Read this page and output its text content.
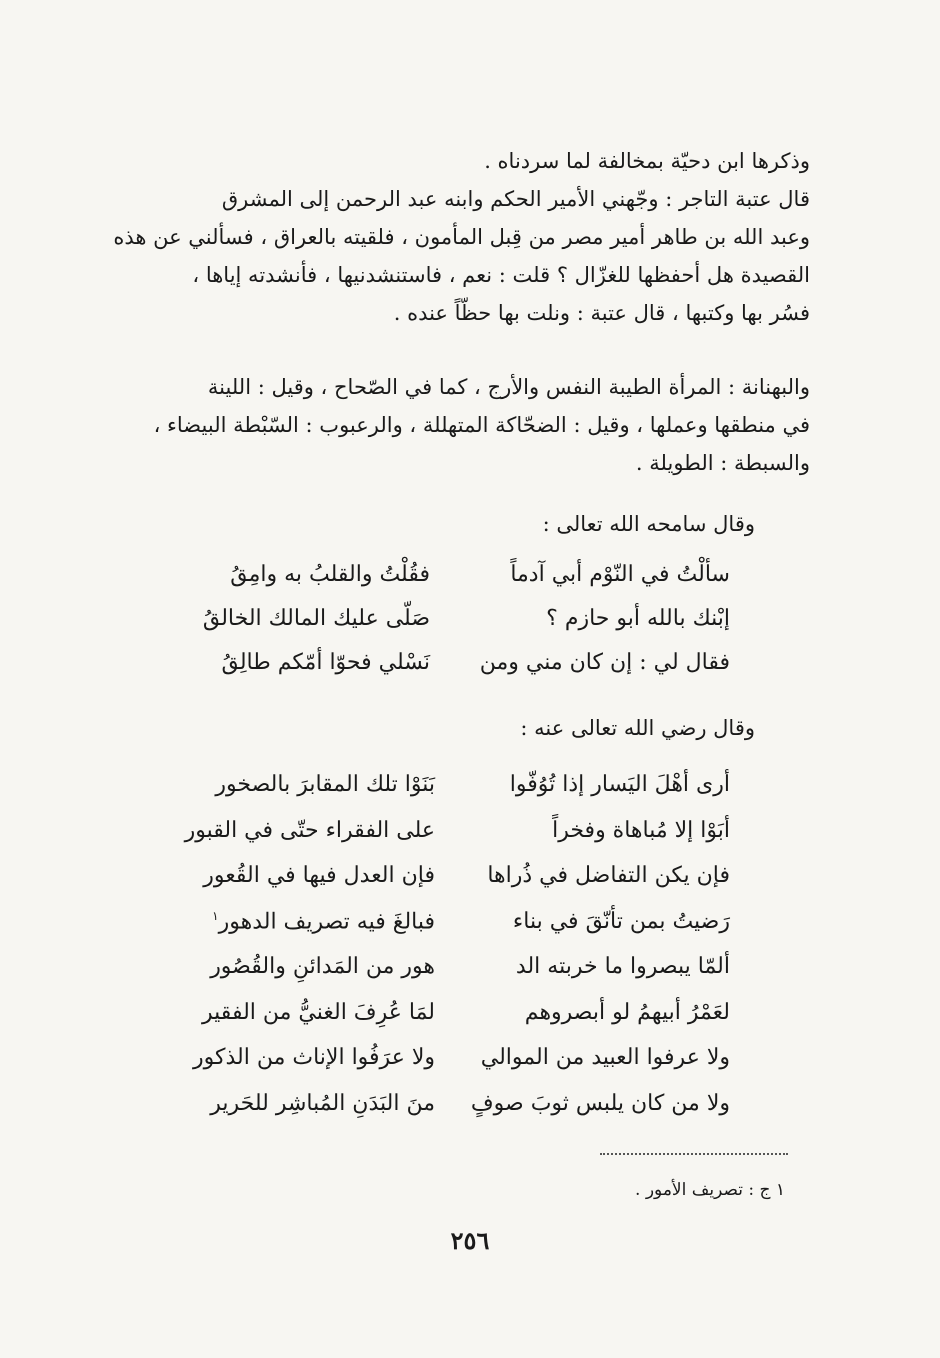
وذكرها ابن دحيّة بمخالفة لما سردناه .
قال عتبة التاجر : وجّهني الأمير الحكم وابنه عبد الرحمن إلى المشرق
وعبد الله بن طاهر أمير مصر من قِبل المأمون ، فلقيته بالعراق ، فسألني عن هذه
القصيدة هل أحفظها للغزّال ؟ قلت : نعم ، فاستنشدنيها ، فأنشدته إياها ،
فسُر بها وكتبها ، قال عتبة : ونلت بها حظّاً عنده .
والبهنانة : المرأة الطيبة النفس والأرج ، كما في الصّحاح ، وقيل : اللينة
في منطقها وعملها ، وقيل : الضحّاكة المتهللة ، والرعبوب : السّبْطة البيضاء ،
والسبطة : الطويلة .
وقال سامحه الله تعالى :
سألْتُ في النّوْم أبي آدماً
فقُلْتُ والقلبُ به وامِقُ
إبْنك بالله أبو حازم ؟
صَلّى عليك المالك الخالقُ
فقال لي : إن كان مني ومن
نَسْلي فحوّا أمّكم طالِقُ
وقال رضي الله تعالى عنه :
أرى أهْلَ اليَسار إذا تُوُفّوا
بَنَوْا تلك المقابرَ بالصخور
أبَوْا إلا مُباهاة وفخراً
على الفقراء حتّى في القبور
فإن يكن التفاضل في ذُراها
فإن العدل فيها في القُعور
رَضيتُ بمن تأنّقَ في بناء
فبالغَ فيه تصريف الدهور$^١$
ألمّا يبصروا ما خربته الد
هور من المَدائنِ والقُصُور
لعَمْرُ أبيهمُ لو أبصروهم
لمَا عُرِفَ الغنيُّ من الفقير
ولا عرفوا العبيد من الموالي
ولا عرَفُوا الإناث من الذكور
ولا من كان يلبس ثوبَ صوفٍ
منَ البَدَنِ المُباشِر للحَرير
١ ج : تصريف الأمور .
٢٥٦
